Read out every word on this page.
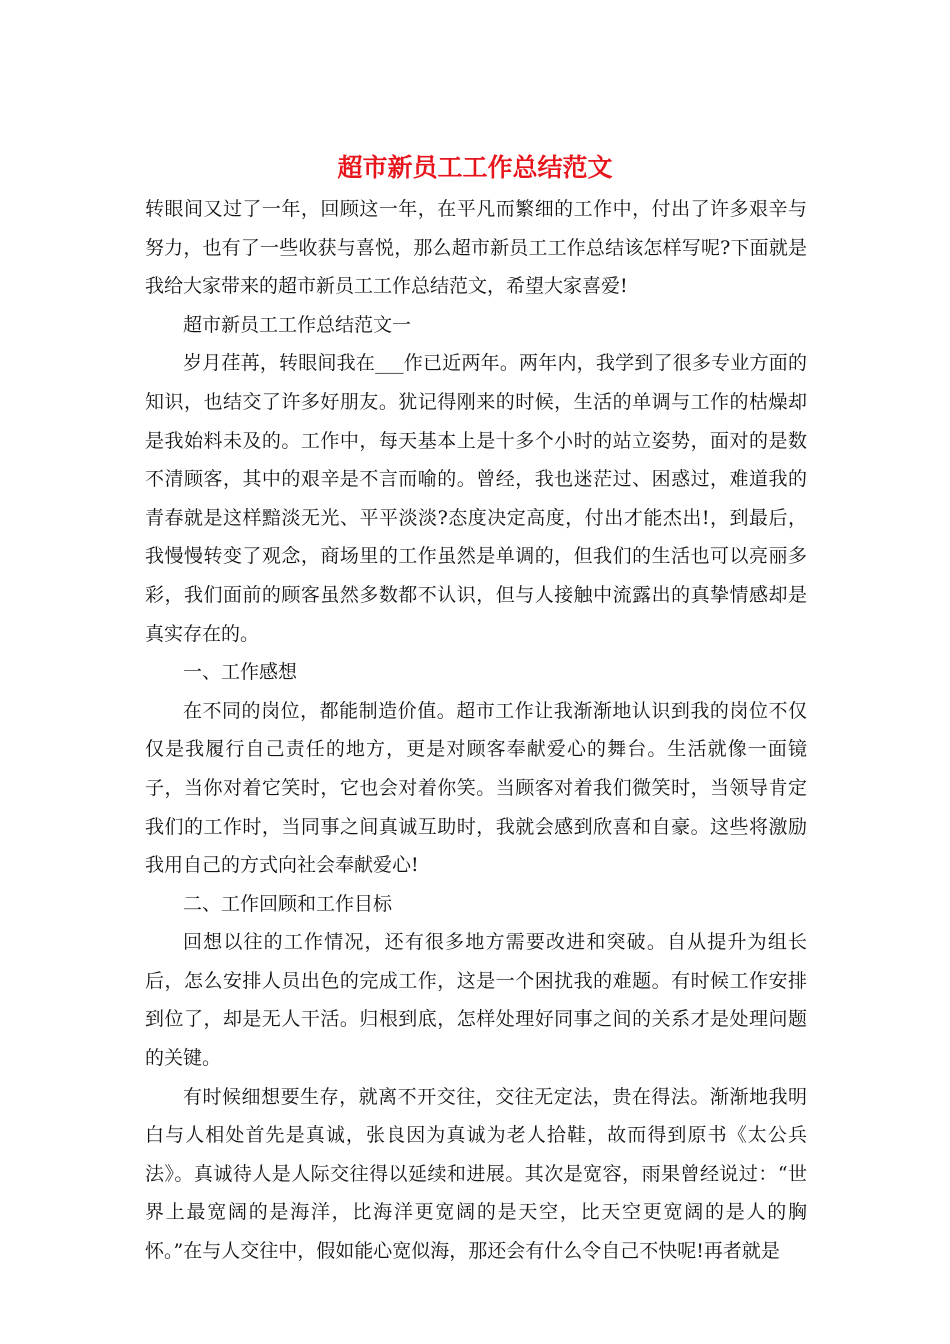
超市新员工工作总结范文

转眼间又过了一年，回顾这一年，在平凡而繁细的工作中，付出了许多艰辛与努力，也有了一些收获与喜悦，那么超市新员工工作总结该怎样写呢?下面就是我给大家带来的超市新员工工作总结范文，希望大家喜爱!

超市新员工工作总结范文一

岁月荏苒，转眼间我在___作已近两年。两年内，我学到了很多专业方面的知识，也结交了许多好朋友。犹记得刚来的时候，生活的单调与工作的枯燥却是我始料未及的。工作中，每天基本上是十多个小时的站立姿势，面对的是数不清顾客，其中的艰辛是不言而喻的。曾经，我也迷茫过、困惑过，难道我的青春就是这样黯淡无光、平平淡淡?态度决定高度，付出才能杰出!，到最后，我慢慢转变了观念，商场里的工作虽然是单调的，但我们的生活也可以亮丽多彩，我们面前的顾客虽然多数都不认识，但与人接触中流露出的真挚情感却是真实存在的。

一、工作感想

在不同的岗位，都能制造价值。超市工作让我渐渐地认识到我的岗位不仅仅是我履行自己责任的地方，更是对顾客奉献爱心的舞台。生活就像一面镜子，当你对着它笑时，它也会对着你笑。当顾客对着我们微笑时，当领导肯定我们的工作时，当同事之间真诚互助时，我就会感到欣喜和自豪。这些将激励我用自己的方式向社会奉献爱心!

二、工作回顾和工作目标

回想以往的工作情况，还有很多地方需要改进和突破。自从提升为组长后，怎么安排人员出色的完成工作，这是一个困扰我的难题。有时候工作安排到位了，却是无人干活。归根到底，怎样处理好同事之间的关系才是处理问题的关键。

有时候细想要生存，就离不开交往，交往无定法，贵在得法。渐渐地我明白与人相处首先是真诚，张良因为真诚为老人拾鞋，故而得到原书《太公兵法》。真诚待人是人际交往得以延续和进展。其次是宽容，雨果曾经说过：“世界上最宽阔的是海洋，比海洋更宽阔的是天空，比天空更宽阔的是人的胸怀。”在与人交往中，假如能心宽似海，那还会有什么令自己不快呢!再者就是
